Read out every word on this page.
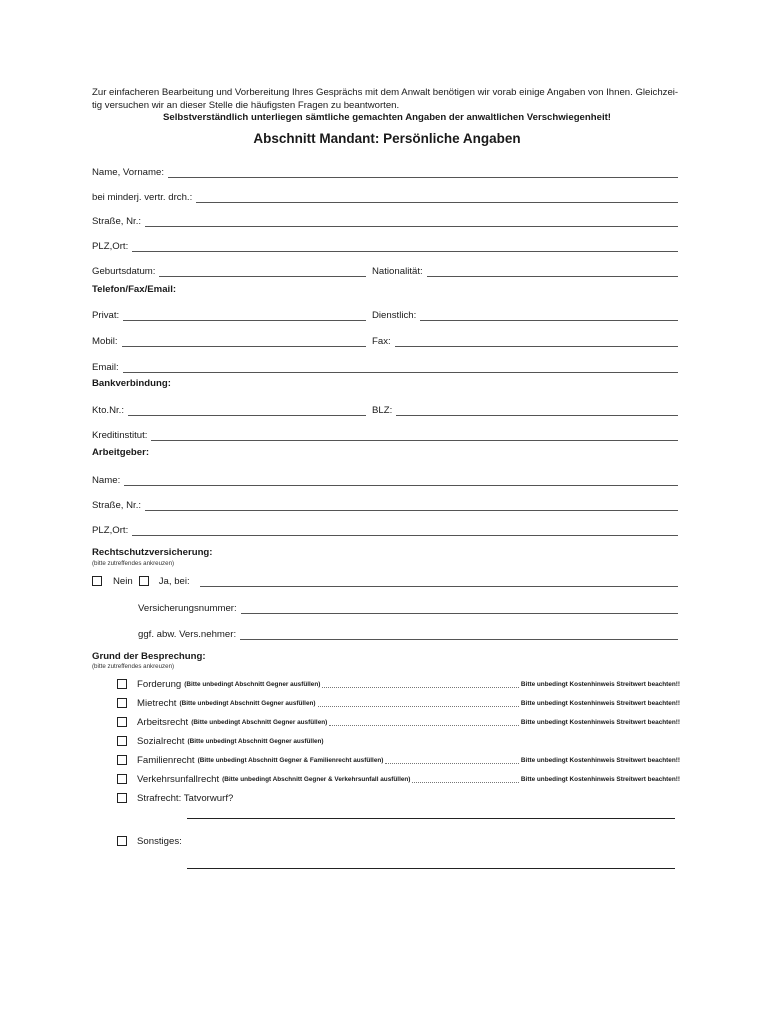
Zur einfacheren Bearbeitung und Vorbereitung Ihres Gesprächs mit dem Anwalt benötigen wir vorab einige Angaben von Ihnen. Gleichzei-

tig versuchen wir an dieser Stelle die häufigsten Fragen zu beantworten.

Selbstverständlich unterliegen sämtliche gemachten Angaben der anwaltlichen Verschwiegenheit!

Abschnitt Mandant: Persönliche Angaben
Name, Vorname:
bei minderj. vertr. drch.:
Straße, Nr.:
PLZ,Ort:
Geburtsdatum:	Nationalität:
Telefon/Fax/Email:
Privat:	Dienstlich:
Mobil:	Fax:
Email:
Bankverbindung:
Kto.Nr.:	BLZ:
Kreditinstitut:
Arbeitgeber:
Name:
Straße, Nr.:
PLZ,Ort:
Rechtschutzversicherung:
(bitte zutreffendes ankreuzen)
Nein	Ja, bei:
Versicherungsnummer:
ggf. abw. Vers.nehmer:
Grund der Besprechung:
(bitte zutreffendes ankreuzen)
Forderung (Bitte unbedingt Abschnitt Gegner ausfüllen)	Bitte unbedingt Kostenhinweis Streitwert beachten!!
Mietrecht (Bitte unbedingt Abschnitt Gegner ausfüllen)	Bitte unbedingt Kostenhinweis Streitwert beachten!!
Arbeitsrecht (Bitte unbedingt Abschnitt Gegner ausfüllen)	Bitte unbedingt Kostenhinweis Streitwert beachten!!
Sozialrecht (Bitte unbedingt Abschnitt Gegner ausfüllen)
Familienrecht (Bitte unbedingt Abschnitt Gegner & Familienrecht ausfüllen)	Bitte unbedingt Kostenhinweis Streitwert beachten!!
Verkehrsunfallrecht (Bitte unbedingt Abschnitt Gegner & Verkehrsunfall ausfüllen)	Bitte unbedingt Kostenhinweis Streitwert beachten!!
Strafrecht: Tatvorwurf?
Sonstiges:
